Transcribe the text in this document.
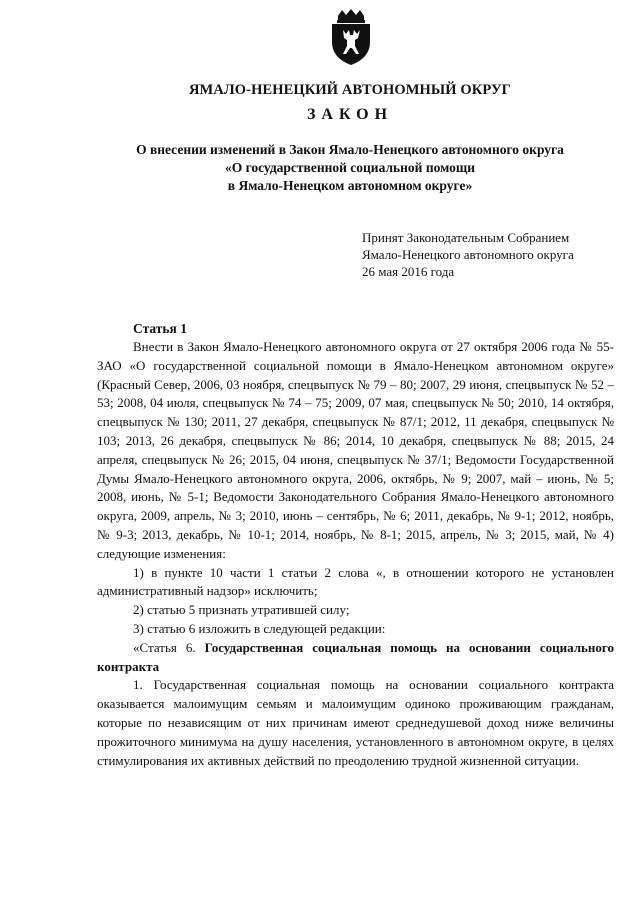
ЯМАЛО-НЕНЕЦКИЙ АВТОНОМНЫЙ ОКРУГ
ЗАКОН
О внесении изменений в Закон Ямало-Ненецкого автономного округа
«О государственной социальной помощи
в Ямало-Ненецком автономном округе»
Принят Законодательным Собранием
Ямало-Ненецкого автономного округа
26 мая 2016 года
Статья 1

Внести в Закон Ямало-Ненецкого автономного округа от 27 октября 2006 года № 55-ЗАО «О государственной социальной помощи в Ямало-Ненецком автономном округе» (Красный Север, 2006, 03 ноября, спецвыпуск № 79 – 80; 2007, 29 июня, спецвыпуск № 52 – 53; 2008, 04 июля, спецвыпуск № 74 – 75; 2009, 07 мая, спецвыпуск № 50; 2010, 14 октября, спецвыпуск № 130; 2011, 27 декабря, спецвыпуск № 87/1; 2012, 11 декабря, спецвыпуск № 103; 2013, 26 декабря, спецвыпуск № 86; 2014, 10 декабря, спецвыпуск № 88; 2015, 24 апреля, спецвыпуск № 26; 2015, 04 июня, спецвыпуск № 37/1; Ведомости Государственной Думы Ямало-Ненецкого автономного округа, 2006, октябрь, № 9; 2007, май – июнь, № 5; 2008, июнь, № 5-1; Ведомости Законодательного Собрания Ямало-Ненецкого автономного округа, 2009, апрель, № 3; 2010, июнь – сентябрь, № 6; 2011, декабрь, № 9-1; 2012, ноябрь, № 9-3; 2013, декабрь, № 10-1; 2014, ноябрь, № 8-1; 2015, апрель, № 3; 2015, май, № 4) следующие изменения:

1) в пункте 10 части 1 статьи 2 слова «, в отношении которого не установлен административный надзор» исключить;

2) статью 5 признать утратившей силу;

3) статью 6 изложить в следующей редакции:

«Статья 6. Государственная социальная помощь на основании социального контракта

1. Государственная социальная помощь на основании социального контракта оказывается малоимущим семьям и малоимущим одиноко проживающим гражданам, которые по независящим от них причинам имеют среднедушевой доход ниже величины прожиточного минимума на душу населения, установленного в автономном округе, в целях стимулирования их активных действий по преодолению трудной жизненной ситуации.
